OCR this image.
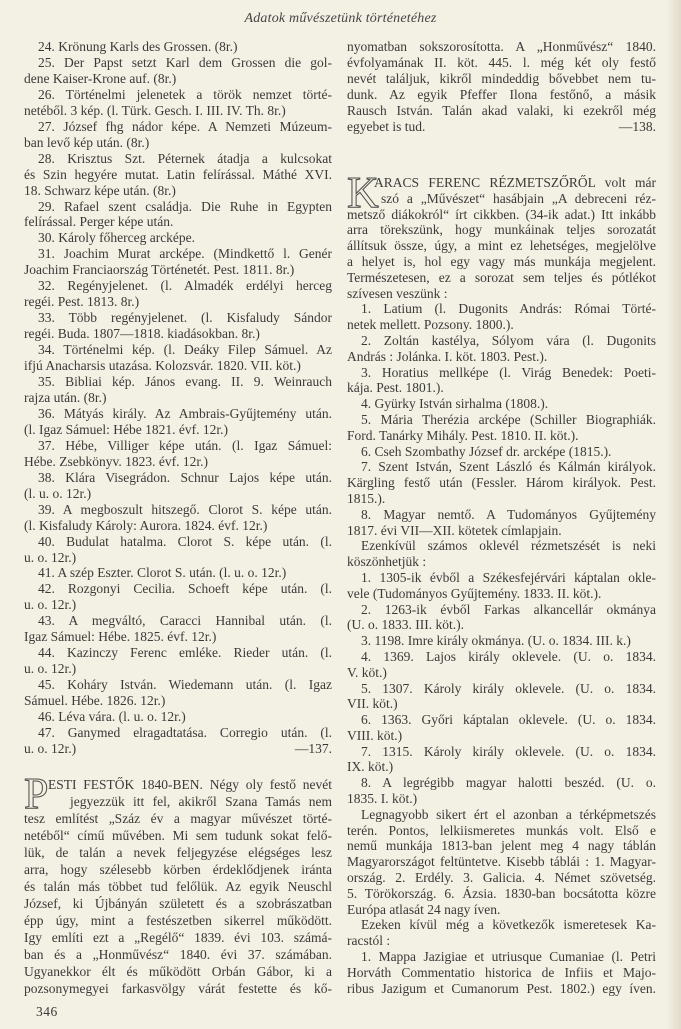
Adatok művészetünk történetéhez
24. Krönung Karls des Grossen. (8r.)
25. Der Papst setzt Karl dem Grossen die gol-
dene Kaiser-Krone auf. (8r.)
26. Történelmi jelenetek a török nemzet törté-
netéből. 3 kép. (l. Türk. Gesch. I. III. IV. Th. 8r.)
27. József fhg nádor képe. A Nemzeti Múzeum-
ban levő kép után. (8r.)
28. Krisztus Szt. Péternek átadja a kulcsokat
és Szin hegyére mutat. Latin felírással. Máthé XVI.
18. Schwarz képe után. (8r.)
29. Rafael szent családja. Die Ruhe in Egypten
felírással. Perger képe után.
30. Károly főherceg arcképe.
31. Joachim Murat arcképe. (Mindkettő l. Genér
Joachim Franciaország Történetét. Pest. 1811. 8r.)
32. Regényjelenet. (l. Almadék erdélyi herceg
regéi. Pest. 1813. 8r.)
33. Több regényjelenet. (l. Kisfaludy Sándor
regéi. Buda. 1807—1818. kiadásokban. 8r.)
34. Történelmi kép. (l. Deáky Filep Sámuel. Az
ifjú Anacharsis utazása. Kolozsvár. 1820. VII. köt.)
35. Bibliai kép. János evang. II. 9. Weinrauch
rajza után. (8r.)
36. Mátyás király. Az Ambrais-Gyűjtemény után.
(l. Igaz Sámuel: Hébe 1821. évf. 12r.)
37. Hébe, Villiger képe után. (l. Igaz Sámuel:
Hébe. Zsebkönyv. 1823. évf. 12r.)
38. Klára Visegrádon. Schnur Lajos képe után.
(l. u. o. 12r.)
39. A megboszult hitszegő. Clorot S. képe után.
(l. Kisfaludy Károly: Aurora. 1824. évf. 12r.)
40. Budulat hatalma. Clorot S. képe után. (l.
u. o. 12r.)
41. A szép Eszter. Clorot S. után. (l. u. o. 12r.)
42. Rozgonyi Cecilia. Schoeft képe után. (l.
u. o. 12r.)
43. A megváltó, Caracci Hannibal után. (l.
Igaz Sámuel: Hébe. 1825. évf. 12r.)
44. Kazinczy Ferenc emléke. Rieder után. (l.
u. o. 12r.)
45. Koháry István. Wiedemann után. (l. Igaz
Sámuel. Hébe. 1826. 12r.)
46. Léva vára. (l. u. o. 12r.)
47. Ganymed elragadtatása. Corregio után. (l.
—137.
u. o. 12r.)
P ESTI FESTŐK 1840-BEN. Négy oly festő nevét
jegyezzük itt fel, akikről Szana Tamás nem
tesz említést „Száz év a magyar művészet törté-
netéből“ című művében. Mi sem tudunk sokat felő-
lük, de talán a nevek feljegyzése elégséges lesz
arra, hogy szélesebb körben érdeklődjenek iránta
és talán más többet tud felőlük. Az egyik Neuschl
József, ki Újbányán született és a szobrászatban
épp úgy, mint a festészetben sikerrel működött.
Igy említi ezt a „Regélő“ 1839. évi 103. számá-
ban és a „Honművész“ 1840. évi 37. számában.
Ugyanekkor élt és működött Orbán Gábor, ki a
pozsonymegyei farkasvölgy várát festette és kő-
nyomatban sokszorosította. A „Honművész“ 1840.
évfolyamának II. köt. 445. l. még két oly festő
nevét találjuk, kikről mindeddig bővebbet nem tu-
dunk. Az egyik Pfeffer Ilona festőnő, a másik
Rausch István. Talán akad valaki, ki ezekről még
—138.
egyebet is tud.
K
ARACS FERENC RÉZMETSZŐRŐL volt már
szó a „Művészet“ hasábjain „A debreceni réz-
metsző diákokról“ írt cikkben. (34-ik adat.) Itt inkább
arra törekszünk, hogy munkáinak teljes sorozatát
állítsuk össze, úgy, a mint ez lehetséges, megjelölve
a helyet is, hol egy vagy más munkája megjelent.
Természetesen, ez a sorozat sem teljes és pótlékot
szívesen veszünk :
1. Latium (l. Dugonits András: Római Törté-
netek mellett. Pozsony. 1800.).
2. Zoltán kastélya, Sólyom vára (l. Dugonits
András : Jolánka. I. köt. 1803. Pest.).
3. Horatius mellképe (l. Virág Benedek: Poeti-
kája. Pest. 1801.).
4. Gyürky István sirhalma (1808.).
5. Mária Therézia arcképe (Schiller Biographiák.
Ford. Tanárky Mihály. Pest. 1810. II. köt.).
6. Cseh Szombathy József dr. arcképe (1815.).
7. Szent István, Szent László és Kálmán királyok.
Kärgling festő után (Fessler. Három királyok. Pest.
1815.).
8. Magyar nemtő. A Tudományos Gyűjtemény
1817. évi VII—XII. kötetek címlapjain.
Ezenkívül számos oklevél rézmetszését is neki
köszönhetjük :
1. 1305-ik évből a Székesfejérvári káptalan okle-
vele (Tudományos Gyűjtemény. 1833. II. köt.).
2. 1263-ik évből Farkas alkancellár okmánya
(U. o. 1833. III. köt.).
3. 1198. Imre király okmánya. (U. o. 1834. III. k.)
4. 1369. Lajos király oklevele. (U. o. 1834.
V. köt.)
5. 1307. Károly király oklevele. (U. o. 1834.
VII. köt.)
6. 1363. Győri káptalan oklevele. (U. o. 1834.
VIII. köt.)
7. 1315. Károly király oklevele. (U. o. 1834.
IX. köt.)
8. A legrégibb magyar halotti beszéd. (U. o.
1835. I. köt.)
Legnagyobb sikert ért el azonban a térképmetszés
terén. Pontos, lelkiismeretes munkás volt. Első e
nemű munkája 1813-ban jelent meg 4 nagy táblán
Magyarországot feltüntetve. Kisebb táblái : 1. Magyar-
ország. 2. Erdély. 3. Galicia. 4. Német szövetség.
5. Törökország. 6. Ázsia. 1830-ban bocsátotta közre
Európa atlasát 24 nagy íven.
Ezeken kívül még a következők ismeretesek Ka-
racstól :
1. Mappa Jazigiae et utriusque Cumaniae (l. Petri
Horváth Commentatio historica de Infiis et Majo-
ribus Jazigum et Cumanorum Pest. 1802.) egy íven.
346
